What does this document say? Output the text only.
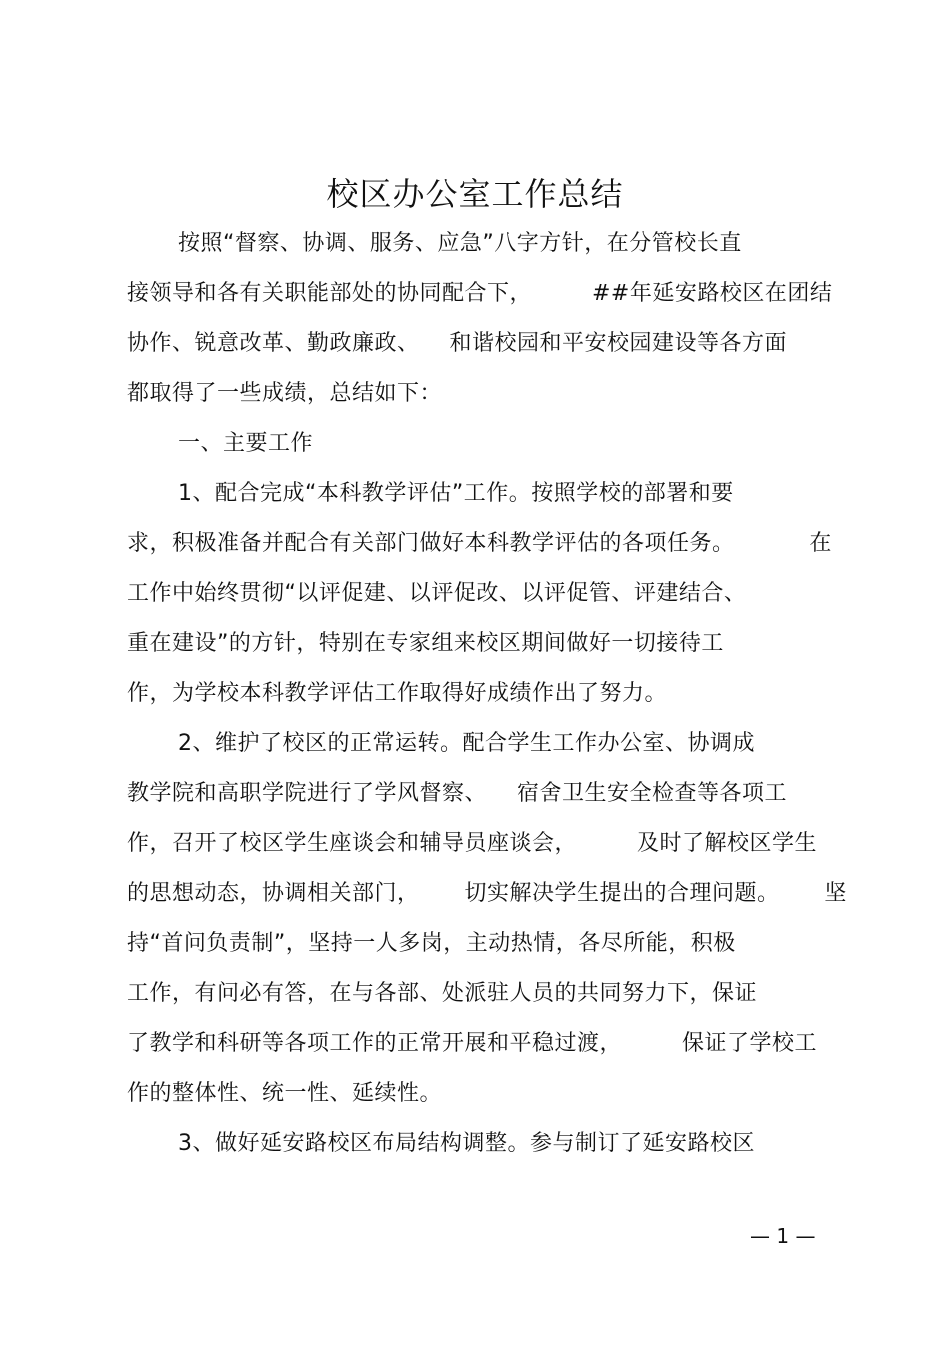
校区办公室工作总结
按照“督察、协调、服务、应急”八字方针，在分管校长直
接领导和各有关职能部处的协同配合下，        ##年延安路校区在团结
协作、锐意改革、勤政廉政、    和谐校园和平安校园建设等各方面
都取得了一些成绩，总结如下：
一、主要工作
1、配合完成“本科教学评估”工作。按照学校的部署和要
求，积极准备并配合有关部门做好本科教学评估的各项任务。          在
工作中始终贯彻“以评促建、以评促改、以评促管、评建结合、
重在建设”的方针，特别在专家组来校区期间做好一切接待工
作，为学校本科教学评估工作取得好成绩作出了努力。
2、维护了校区的正常运转。配合学生工作办公室、协调成
教学院和高职学院进行了学风督察、    宿舍卫生安全检查等各项工
作，召开了校区学生座谈会和辅导员座谈会，        及时了解校区学生
的思想动态，协调相关部门，      切实解决学生提出的合理问题。      坚
持“首问负责制”，坚持一人多岗，主动热情，各尽所能，积极
工作，有问必有答，在与各部、处派驻人员的共同努力下，保证
了教学和科研等各项工作的正常开展和平稳过渡，        保证了学校工
作的整体性、统一性、延续性。
3、做好延安路校区布局结构调整。参与制订了延安路校区
— 1 —
